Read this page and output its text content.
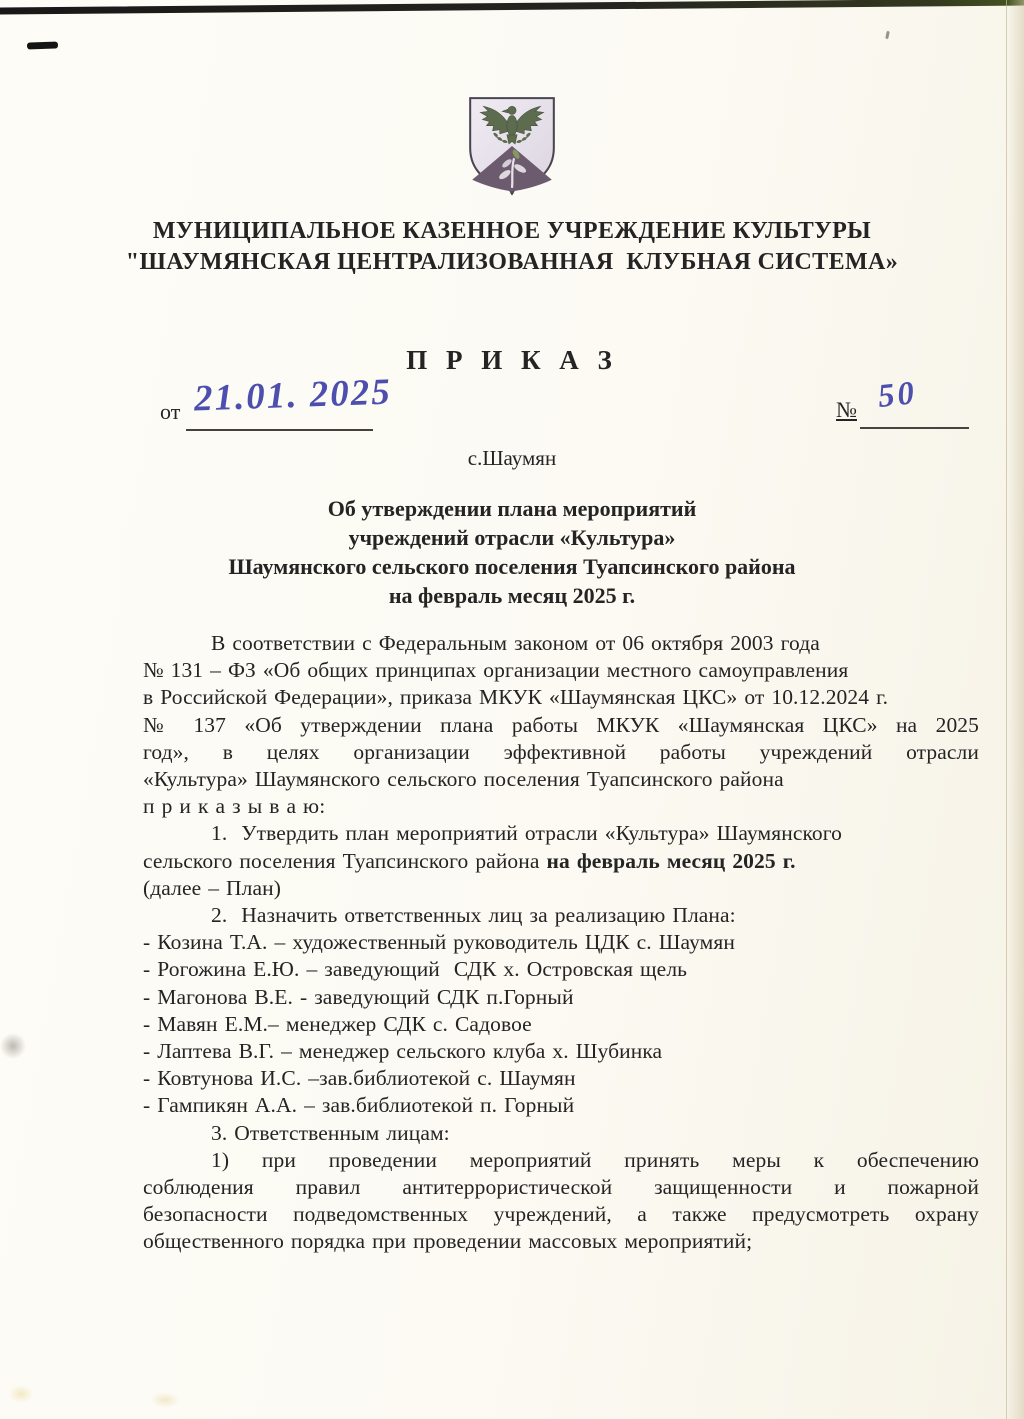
МУНИЦИПАЛЬНОЕ КАЗЕННОЕ УЧРЕЖДЕНИЕ КУЛЬТУРЫ
"ШАУМЯНСКАЯ ЦЕНТРАЛИЗОВАННАЯ  КЛУБНАЯ СИСТЕМА»
П Р И К А З
от 21.01. 2025	№ 50
с.Шаумян
Об утверждении плана мероприятий
учреждений отрасли «Культура»
Шаумянского сельского поселения Туапсинского района
на февраль месяц 2025 г.
В соответствии с Федеральным законом от 06 октября 2003 года
№ 131 – ФЗ «Об общих принципах организации местного самоуправления
в Российской Федерации», приказа МКУК «Шаумянская ЦКС» от 10.12.2024 г.
№ 137 «Об утверждении плана работы МКУК «Шаумянская ЦКС» на 2025
год», в целях организации эффективной работы учреждений отрасли
«Культура» Шаумянского сельского поселения Туапсинского района
п р и к а з ы в а ю:
1.  Утвердить план мероприятий отрасли «Культура» Шаумянского
сельского поселения Туапсинского района на февраль месяц 2025 г.
(далее – План)
2.  Назначить ответственных лиц за реализацию Плана:
- Козина Т.А. – художественный руководитель ЦДК с. Шаумян
- Рогожина Е.Ю. – заведующий  СДК х. Островская щель
- Магонова В.Е. - заведующий СДК п.Горный
- Мавян Е.М.– менеджер СДК с. Садовое
- Лаптева В.Г. – менеджер сельского клуба х. Шубинка
- Ковтунова И.С. –зав.библиотекой с. Шаумян
- Гампикян А.А. – зав.библиотекой п. Горный
3. Ответственным лицам:
1) при проведении мероприятий принять меры к обеспечению
соблюдения правил антитеррористической защищенности и пожарной
безопасности подведомственных учреждений, а также предусмотреть охрану
общественного порядка при проведении массовых мероприятий;
